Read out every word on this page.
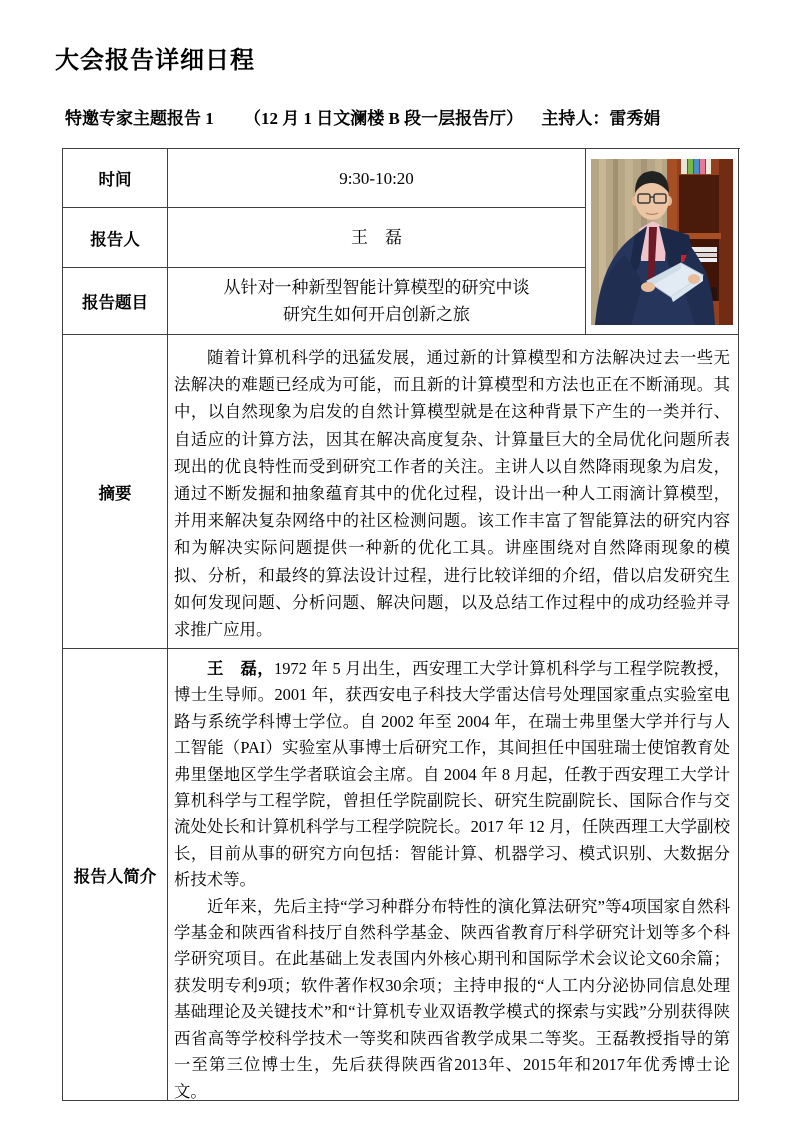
大会报告详细日程
特邀专家主题报告 1 （12 月 1 日文澜楼 B 段一层报告厅） 主持人：雷秀娟
时间	9:30-10:20
报告人	王　磊
报告题目
从针对一种新型智能计算模型的研究中谈
研究生如何开启创新之旅
摘要

随着计算机科学的迅猛发展，通过新的计算模型和方法解决过去一些无法解决的难题已经成为可能，而且新的计算模型和方法也正在不断涌现。其中，以自然现象为启发的自然计算模型就是在这种背景下产生的一类并行、自适应的计算方法，因其在解决高度复杂、计算量巨大的全局优化问题所表现出的优良特性而受到研究工作者的关注。主讲人以自然降雨现象为启发，通过不断发掘和抽象蕴育其中的优化过程，设计出一种人工雨滴计算模型，并用来解决复杂网络中的社区检测问题。该工作丰富了智能算法的研究内容和为解决实际问题提供一种新的优化工具。讲座围绕对自然降雨现象的模拟、分析，和最终的算法设计过程，进行比较详细的介绍，借以启发研究生如何发现问题、分析问题、解决问题，以及总结工作过程中的成功经验并寻求推广应用。

报告人简介

王　磊，1972 年 5 月出生，西安理工大学计算机科学与工程学院教授，博士生导师。2001 年，获西安电子科技大学雷达信号处理国家重点实验室电路与系统学科博士学位。自 2002 年至 2004 年，在瑞士弗里堡大学并行与人工智能（PAI）实验室从事博士后研究工作，其间担任中国驻瑞士使馆教育处弗里堡地区学生学者联谊会主席。自 2004 年 8 月起，任教于西安理工大学计算机科学与工程学院，曾担任学院副院长、研究生院副院长、国际合作与交流处处长和计算机科学与工程学院院长。2017 年 12 月，任陕西理工大学副校长，目前从事的研究方向包括：智能计算、机器学习、模式识别、大数据分析技术等。

近年来，先后主持“学习种群分布特性的演化算法研究”等4项国家自然科学基金和陕西省科技厅自然科学基金、陕西省教育厅科学研究计划等多个科学研究项目。在此基础上发表国内外核心期刊和国际学术会议论文60余篇；获发明专利9项；软件著作权30余项；主持申报的“人工内分泌协同信息处理基础理论及关键技术”和“计算机专业双语教学模式的探索与实践”分别获得陕西省高等学校科学技术一等奖和陕西省教学成果二等奖。王磊教授指导的第一至第三位博士生，先后获得陕西省2013年、2015年和2017年优秀博士论文。
